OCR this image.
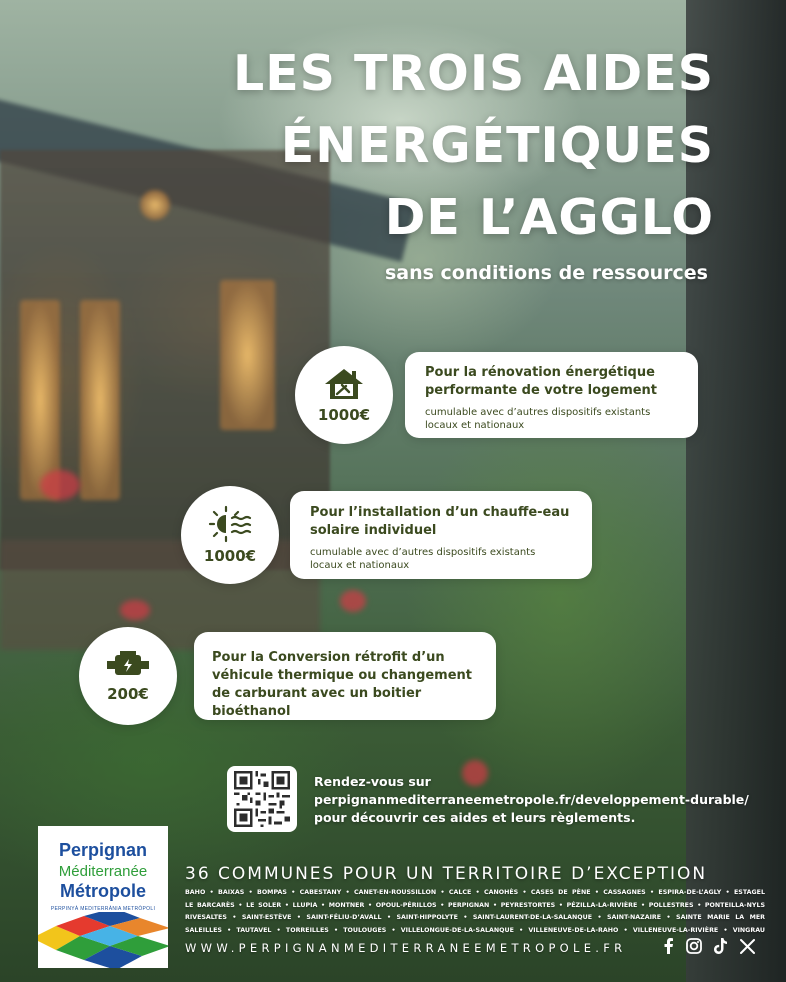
LES TROIS AIDES
ÉNERGÉTIQUES
DE L’AGGLO

sans conditions de ressources

Pour la rénovation énergétique
performante de votre logement
cumulable avec d’autres dispositifs existants
locaux et nationaux
1000€
Pour l’installation d’un chauffe-eau
solaire individuel
cumulable avec d’autres dispositifs existants
locaux et nationaux
1000€
Pour la Conversion rétrofit d’un
véhicule thermique ou changement
de carburant avec un boitier bioéthanol
200€
Rendez-vous sur
perpignanmediterraneemetropole.fr/developpement-durable/
pour découvrir ces aides et leurs règlements.
Perpignan
Méditerranée
Métropole
PERPINYÀ MEDITERRÀNIA METRÒPOLI
36 COMMUNES POUR UN TERRITOIRE D’EXCEPTION
BAHO • BAIXAS • BOMPAS • CABESTANY • CANET-EN-ROUSSILLON • CALCE • CANOHÈS • CASES DE PÈNE • CASSAGNES • ESPIRA-DE-L’AGLY • ESTAGEL
LE BARCARÈS • LE SOLER • LLUPIA • MONTNER • OPOUL-PÉRILLOS • PERPIGNAN • PEYRESTORTES • PÉZILLA-LA-RIVIÈRE • POLLESTRES • PONTEILLA-NYLS
RIVESALTES • SAINT-ESTÈVE • SAINT-FÉLIU-D’AVALL • SAINT-HIPPOLYTE • SAINT-LAURENT-DE-LA-SALANQUE • SAINT-NAZAIRE • SAINTE MARIE LA MER
SALEILLES • TAUTAVEL • TORREILLES • TOULOUGES • VILLELONGUE-DE-LA-SALANQUE • VILLENEUVE-DE-LA-RAHO • VILLENEUVE-LA-RIVIÈRE • VINGRAU
WWW.PERPIGNANMEDITERRANEEMETROPOLE.FR
